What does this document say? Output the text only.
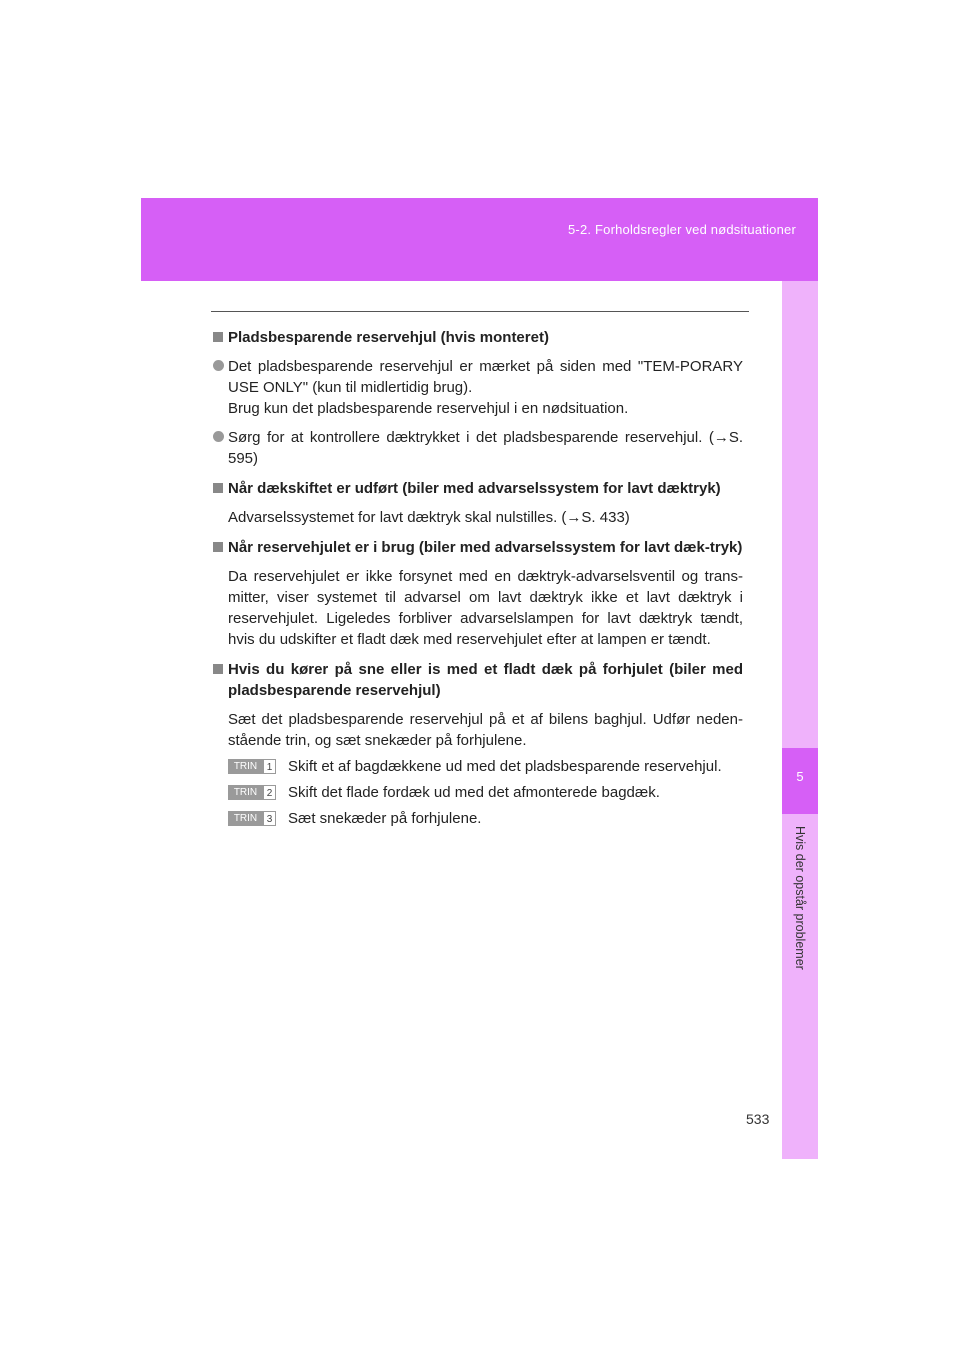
5-2. Forholdsregler ved nødsituationer
5
Hvis der opstår problemer
Pladsbesparende reservehjul (hvis monteret)
Det pladsbesparende reservehjul er mærket på siden med "TEM-PORARY USE ONLY" (kun til midlertidig brug).
Brug kun det pladsbesparende reservehjul i en nødsituation.
Sørg for at kontrollere dæktrykket i det pladsbesparende reservehjul. (→S. 595)
Når dækskiftet er udført (biler med advarselssystem for lavt dæktryk)
Advarselssystemet for lavt dæktryk skal nulstilles. (→S. 433)
Når reservehjulet er i brug (biler med advarselssystem for lavt dæk-tryk)
Da reservehjulet er ikke forsynet med en dæktryk-advarselsventil og trans-mitter, viser systemet til advarsel om lavt dæktryk ikke et lavt dæktryk i reservehjulet. Ligeledes forbliver advarselslampen for lavt dæktryk tændt, hvis du udskifter et fladt dæk med reservehjulet efter at lampen er tændt.
Hvis du kører på sne eller is med et fladt dæk på forhjulet (biler med pladsbesparende reservehjul)
Sæt det pladsbesparende reservehjul på et af bilens baghjul. Udfør neden-stående trin, og sæt snekæder på forhjulene.
TRIN 1 Skift et af bagdækkene ud med det pladsbesparende reservehjul.
TRIN 2 Skift det flade fordæk ud med det afmonterede bagdæk.
TRIN 3 Sæt snekæder på forhjulene.
533
